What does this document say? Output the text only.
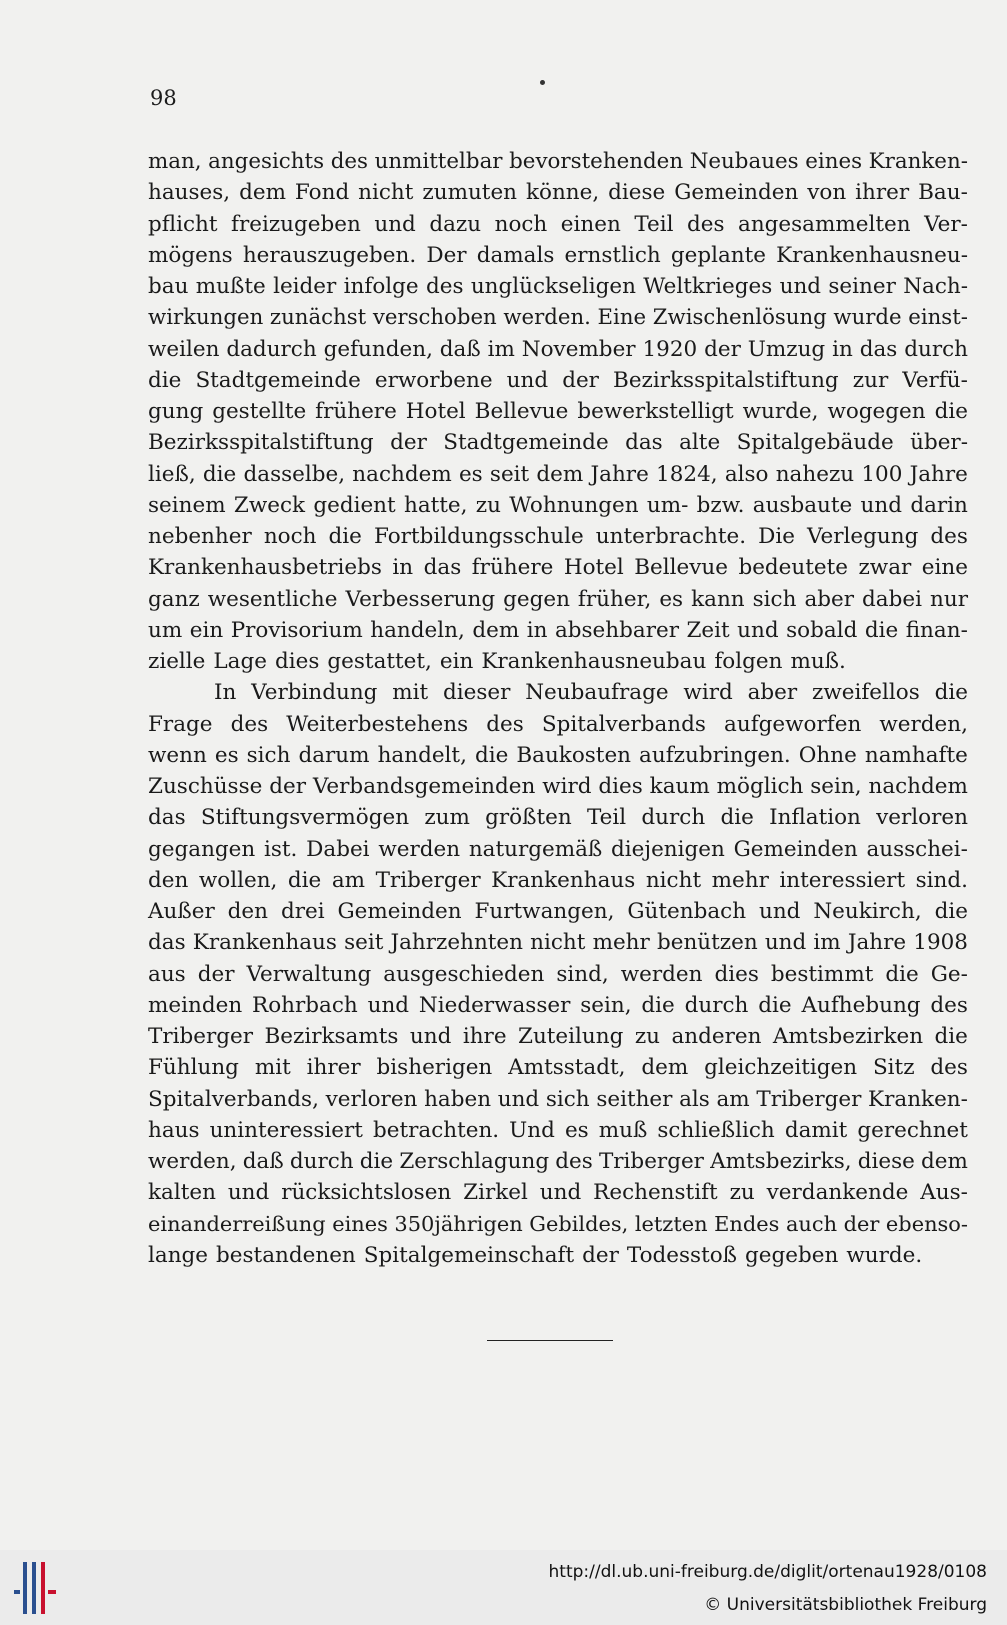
98
man, angesichts des unmittelbar bevorstehenden Neubaues eines Kranken-
hauses, dem Fond nicht zumuten könne, diese Gemeinden von ihrer Bau-
pflicht freizugeben und dazu noch einen Teil des angesammelten Ver-
mögens herauszugeben. Der damals ernstlich geplante Krankenhausneu-
bau mußte leider infolge des unglückseligen Weltkrieges und seiner Nach-
wirkungen zunächst verschoben werden. Eine Zwischenlösung wurde einst-
weilen dadurch gefunden, daß im November 1920 der Umzug in das durch
die Stadtgemeinde erworbene und der Bezirksspitalstiftung zur Verfü-
gung gestellte frühere Hotel Bellevue bewerkstelligt wurde, wogegen die
Bezirksspitalstiftung der Stadtgemeinde das alte Spitalgebäude über-
ließ, die dasselbe, nachdem es seit dem Jahre 1824, also nahezu 100 Jahre
seinem Zweck gedient hatte, zu Wohnungen um- bzw. ausbaute und darin
nebenher noch die Fortbildungsschule unterbrachte. Die Verlegung des
Krankenhausbetriebs in das frühere Hotel Bellevue bedeutete zwar eine
ganz wesentliche Verbesserung gegen früher, es kann sich aber dabei nur
um ein Provisorium handeln, dem in absehbarer Zeit und sobald die finan-
zielle Lage dies gestattet, ein Krankenhausneubau folgen muß.
In Verbindung mit dieser Neubaufrage wird aber zweifellos die
Frage des Weiterbestehens des Spitalverbands aufgeworfen werden,
wenn es sich darum handelt, die Baukosten aufzubringen. Ohne namhafte
Zuschüsse der Verbandsgemeinden wird dies kaum möglich sein, nachdem
das Stiftungsvermögen zum größten Teil durch die Inflation verloren
gegangen ist. Dabei werden naturgemäß diejenigen Gemeinden ausschei-
den wollen, die am Triberger Krankenhaus nicht mehr interessiert sind.
Außer den drei Gemeinden Furtwangen, Gütenbach und Neukirch, die
das Krankenhaus seit Jahrzehnten nicht mehr benützen und im Jahre 1908
aus der Verwaltung ausgeschieden sind, werden dies bestimmt die Ge-
meinden Rohrbach und Niederwasser sein, die durch die Aufhebung des
Triberger Bezirksamts und ihre Zuteilung zu anderen Amtsbezirken die
Fühlung mit ihrer bisherigen Amtsstadt, dem gleichzeitigen Sitz des
Spitalverbands, verloren haben und sich seither als am Triberger Kranken-
haus uninteressiert betrachten. Und es muß schließlich damit gerechnet
werden, daß durch die Zerschlagung des Triberger Amtsbezirks, diese dem
kalten und rücksichtslosen Zirkel und Rechenstift zu verdankende Aus-
einanderreißung eines 350jährigen Gebildes, letzten Endes auch der ebenso-
lange bestandenen Spitalgemeinschaft der Todesstoß gegeben wurde.
http://dl.ub.uni-freiburg.de/diglit/ortenau1928/0108
© Universitätsbibliothek Freiburg
